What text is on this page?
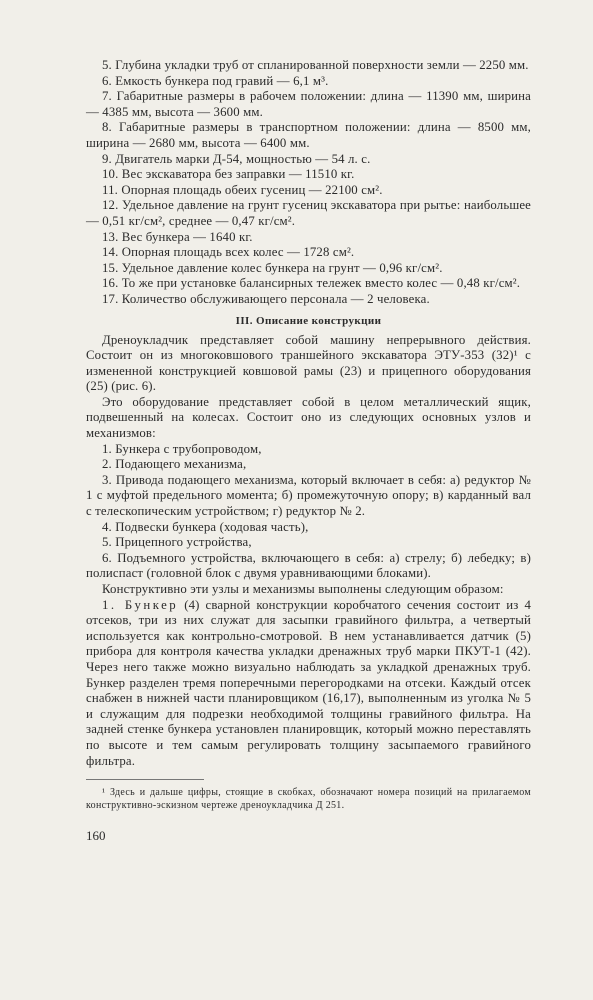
5. Глубина укладки труб от спланированной поверхности земли — 2250 мм.

6. Емкость бункера под гравий — 6,1 м³.

7. Габаритные размеры в рабочем положении: длина — 11390 мм, ширина — 4385 мм, высота — 3600 мм.

8. Габаритные размеры в транспортном положении: длина — 8500 мм, ширина — 2680 мм, высота — 6400 мм.

9. Двигатель марки Д-54, мощностью — 54 л. с.

10. Вес экскаватора без заправки — 11510 кг.

11. Опорная площадь обеих гусениц — 22100 см².

12. Удельное давление на грунт гусениц экскаватора при рытье: наибольшее — 0,51 кг/см², среднее — 0,47 кг/см².

13. Вес бункера — 1640 кг.

14. Опорная площадь всех колес — 1728 см².

15. Удельное давление колес бункера на грунт — 0,96 кг/см².

16. То же при установке балансирных тележек вместо колес — 0,48 кг/см².

17. Количество обслуживающего персонала — 2 человека.

III. Описание конструкции

Дреноукладчик представляет собой машину непрерывного действия. Состоит он из многоковшового траншейного экскаватора ЭТУ-353 (32)¹ с измененной конструкцией ковшовой рамы (23) и прицепного оборудования (25) (рис. 6).

Это оборудование представляет собой в целом металлический ящик, подвешенный на колесах. Состоит оно из следующих основных узлов и механизмов:

1. Бункера с трубопроводом,

2. Подающего механизма,

3. Привода подающего механизма, который включает в себя: а) редуктор № 1 с муфтой предельного момента; б) промежуточную опору; в) карданный вал с телескопическим устройством; г) редуктор № 2.

4. Подвески бункера (ходовая часть),

5. Прицепного устройства,

6. Подъемного устройства, включающего в себя: а) стрелу; б) лебедку; в) полиспаст (головной блок с двумя уравнивающими блоками).

Конструктивно эти узлы и механизмы выполнены следующим образом:

1. Бункер (4) сварной конструкции коробчатого сечения состоит из 4 отсеков, три из них служат для засыпки гравийного фильтра, а четвертый используется как контрольно-смотровой. В нем устанавливается датчик (5) прибора для контроля качества укладки дренажных труб марки ПКУТ-1 (42). Через него также можно визуально наблюдать за укладкой дренажных труб. Бункер разделен тремя поперечными перегородками на отсеки. Каждый отсек снабжен в нижней части планировщиком (16,17), выполненным из уголка № 5 и служащим для подрезки необходимой толщины гравийного фильтра. На задней стенке бункера установлен планировщик, который можно переставлять по высоте и тем самым регулировать толщину засыпаемого гравийного фильтра.

¹ Здесь и дальше цифры, стоящие в скобках, обозначают номера позиций на прилагаемом конструктивно-эскизном чертеже дреноукладчика Д 251.

160
